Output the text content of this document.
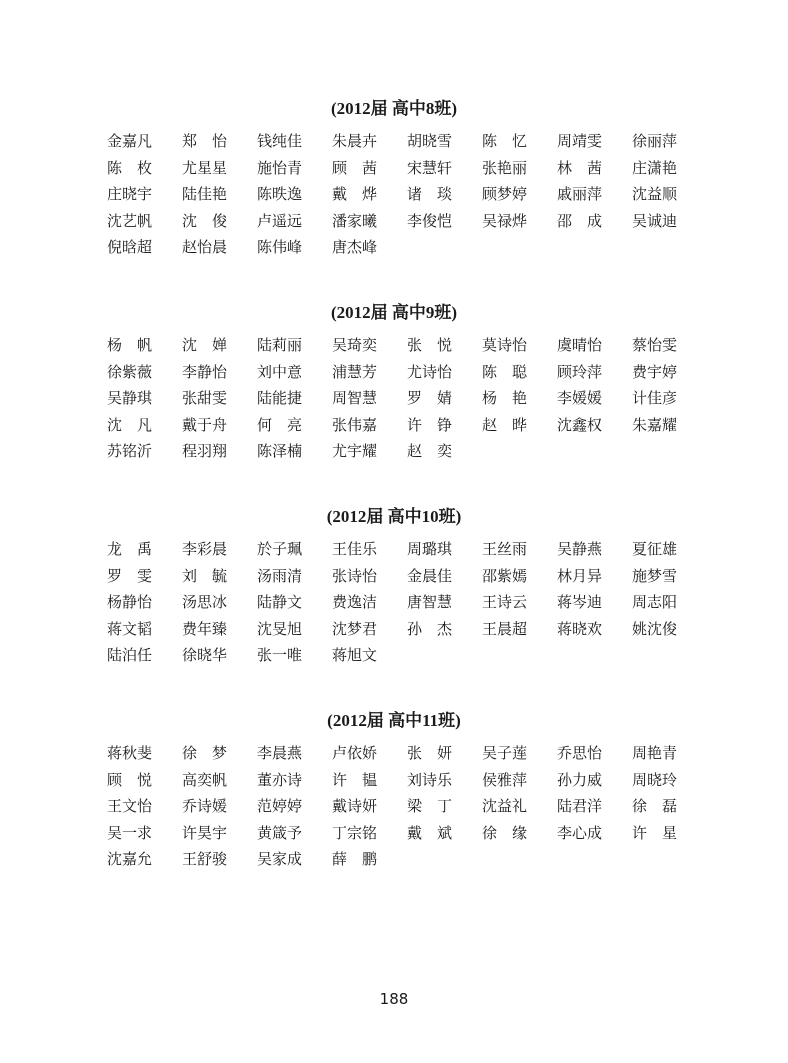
(2012届 高中8班)
金嘉凡	郑　怡	钱纯佳	朱晨卉	胡晓雪	陈　忆	周靖雯	徐丽萍
陈　枚	尤星星	施怡青	顾　茜	宋慧轩	张艳丽	林　茜	庄潇艳
庄晓宇	陆佳艳	陈昳逸	戴　烨	诸　琰	顾梦婷	戚丽萍	沈益顺
沈艺帆	沈　俊	卢遥远	潘家曦	李俊恺	吴禄烨	邵　成	吴诚迪
倪晗超	赵怡晨	陈伟峰	唐杰峰
(2012届 高中9班)
杨　帆	沈　婵	陆莉丽	吴琦奕	张　悦	莫诗怡	虞晴怡	蔡怡雯
徐紫薇	李静怡	刘中意	浦慧芳	尤诗怡	陈　聪	顾玲萍	费宇婷
吴静琪	张甜雯	陆能捷	周智慧	罗　婧	杨　艳	李媛媛	计佳彦
沈　凡	戴于舟	何　亮	张伟嘉	许　铮	赵　晔	沈鑫权	朱嘉耀
苏铭沂	程羽翔	陈泽楠	尤宇耀	赵　奕
(2012届 高中10班)
龙　禹	李彩晨	於子珮	王佳乐	周璐琪	王丝雨	吴静燕	夏征雄
罗　雯	刘　毓	汤雨清	张诗怡	金晨佳	邵紫嫣	林月异	施梦雪
杨静怡	汤思冰	陆静文	费逸洁	唐智慧	王诗云	蒋岑迪	周志阳
蒋文韬	费年臻	沈旻旭	沈梦君	孙　杰	王晨超	蒋晓欢	姚沈俊
陆泊任	徐晓华	张一唯	蒋旭文
(2012届 高中11班)
蒋秋斐	徐　梦	李晨燕	卢依娇	张　妍	吴子莲	乔思怡	周艳青
顾　悦	高奕帆	董亦诗	许　韫	刘诗乐	侯雅萍	孙力威	周晓玲
王文怡	乔诗媛	范婷婷	戴诗妍	梁　丁	沈益礼	陆君洋	徐　磊
吴一求	许昊宇	黄箴予	丁宗铭	戴　斌	徐　缘	李心成	许　星
沈嘉允	王舒骏	吴家成	薛　鹏
188
